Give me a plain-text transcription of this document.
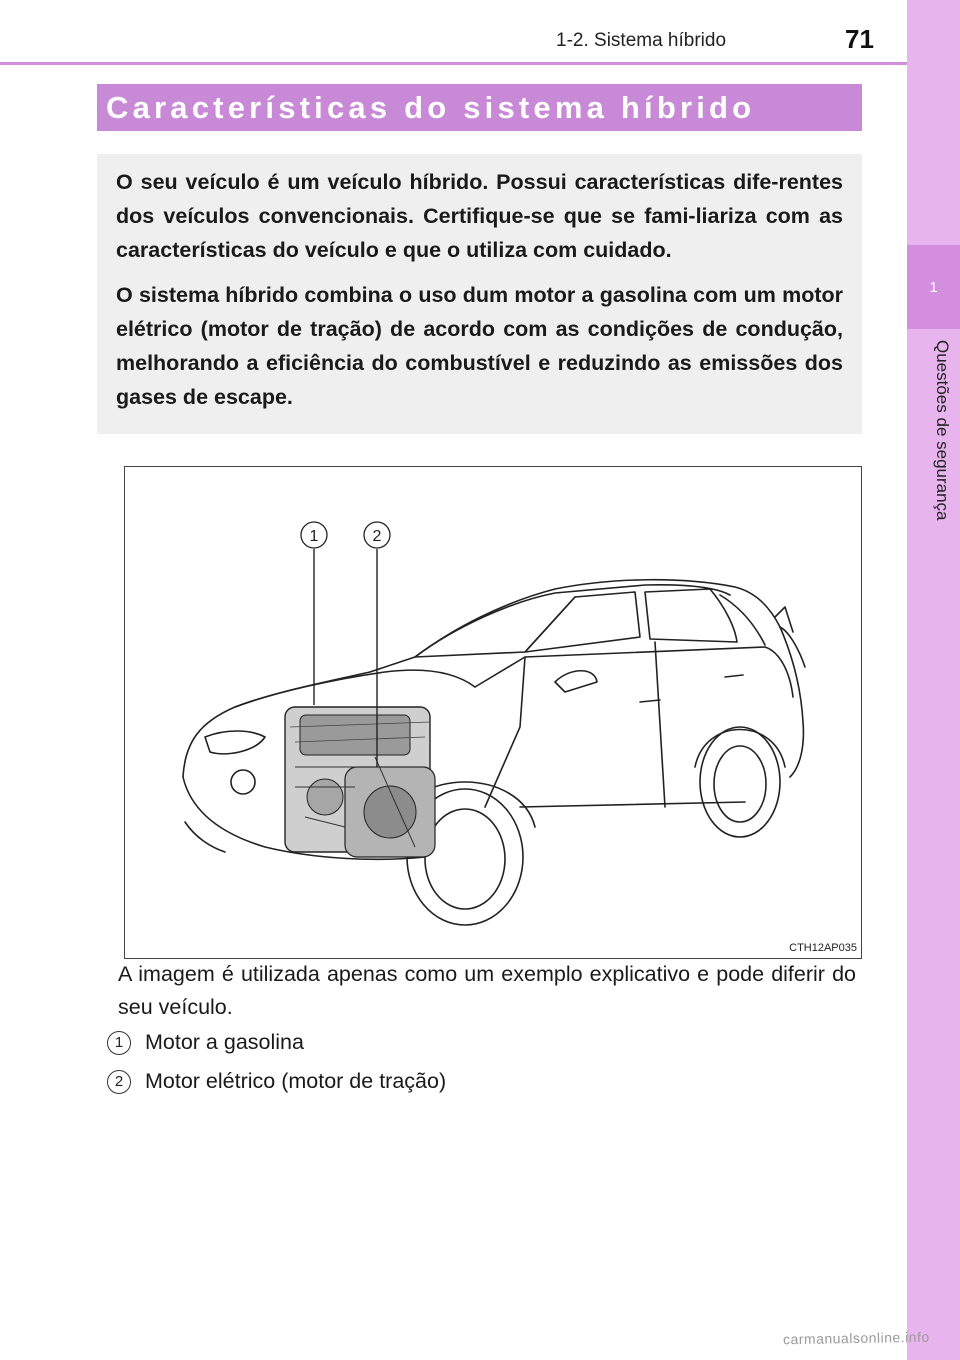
1
Questões de segurança
1-2. Sistema híbrido	71
Características do sistema híbrido

O seu veículo é um veículo híbrido. Possui características dife-rentes dos veículos convencionais. Certifique-se que se fami-liariza com as características do veículo e que o utiliza com cuidado.

O sistema híbrido combina o uso dum motor a gasolina com um motor elétrico (motor de tração) de acordo com as condições de condução, melhorando a eficiência do combustível e reduzindo as emissões dos gases de escape.

1	2
CTH12AP035
A imagem é utilizada apenas como um exemplo explicativo e pode diferir do seu veículo.
1	Motor a gasolina
2	Motor elétrico (motor de tração)
carmanualsonline.info
